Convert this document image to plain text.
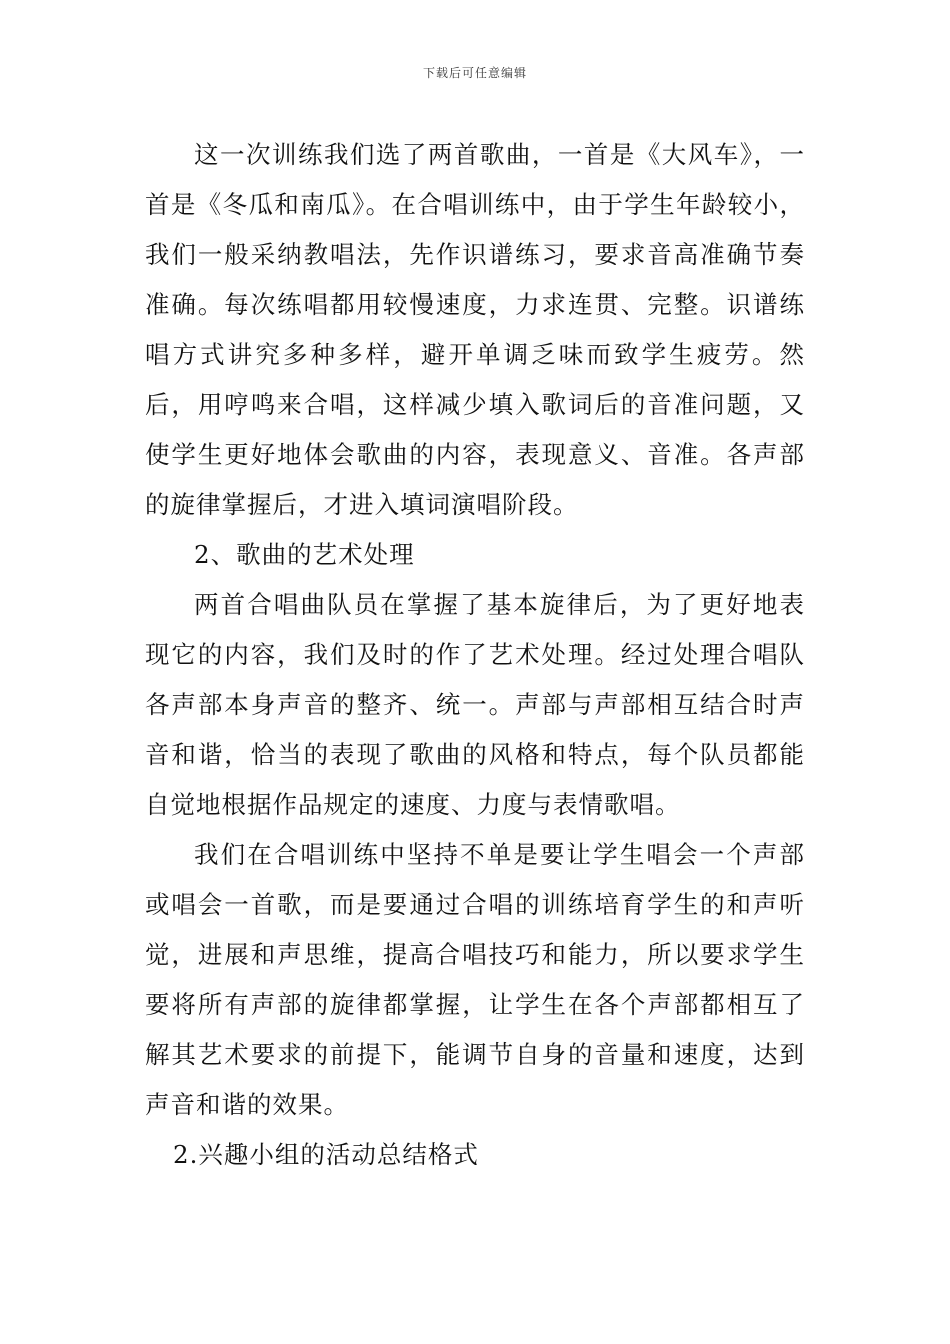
下载后可任意编辑

这一次训练我们选了两首歌曲，一首是《大风车》，一首是《冬瓜和南瓜》。在合唱训练中，由于学生年龄较小，我们一般采纳教唱法，先作识谱练习，要求音高准确节奏准确。每次练唱都用较慢速度，力求连贯、完整。识谱练唱方式讲究多种多样，避开单调乏味而致学生疲劳。然后，用哼鸣来合唱，这样减少填入歌词后的音准问题，又使学生更好地体会歌曲的内容，表现意义、音准。各声部的旋律掌握后，才进入填词演唱阶段。

2、歌曲的艺术处理

两首合唱曲队员在掌握了基本旋律后，为了更好地表现它的内容，我们及时的作了艺术处理。经过处理合唱队各声部本身声音的整齐、统一。声部与声部相互结合时声音和谐，恰当的表现了歌曲的风格和特点，每个队员都能自觉地根据作品规定的速度、力度与表情歌唱。

我们在合唱训练中坚持不单是要让学生唱会一个声部或唱会一首歌，而是要通过合唱的训练培育学生的和声听觉，进展和声思维，提高合唱技巧和能力，所以要求学生要将所有声部的旋律都掌握，让学生在各个声部都相互了解其艺术要求的前提下，能调节自身的音量和速度，达到声音和谐的效果。

2.兴趣小组的活动总结格式
